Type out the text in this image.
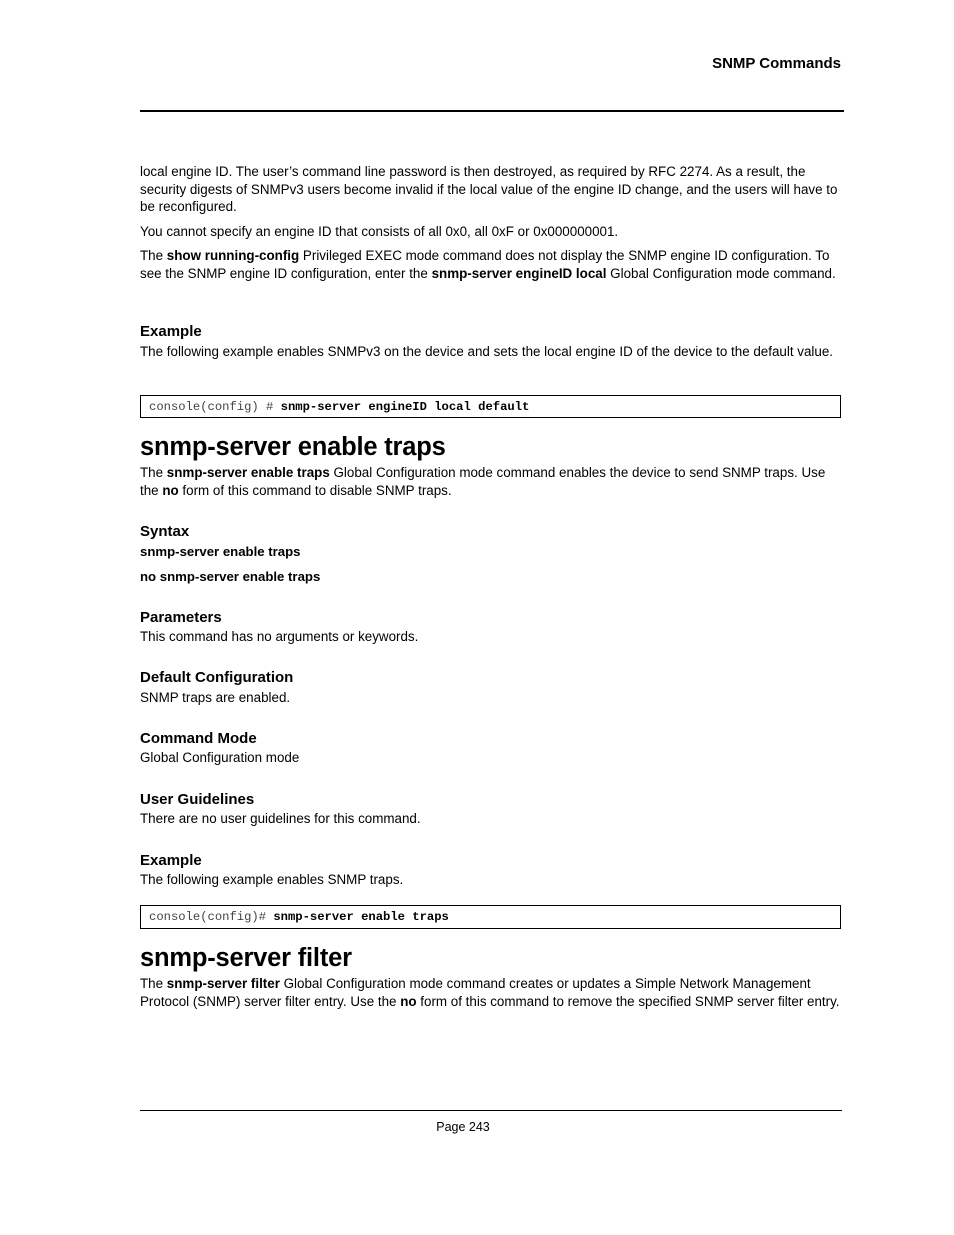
SNMP Commands
local engine ID. The user’s command line password is then destroyed, as required by RFC 2274. As a result, the security digests of SNMPv3 users become invalid if the local value of the engine ID change, and the users will have to be reconfigured.
You cannot specify an engine ID that consists of all 0x0, all 0xF or 0x000000001.
The show running-config Privileged EXEC mode command does not display the SNMP engine ID configuration. To see the SNMP engine ID configuration, enter the snmp-server engineID local Global Configuration mode command.
Example
The following example enables SNMPv3 on the device and sets the local engine ID of the device to the default value.
console(config) # snmp-server engineID local default
snmp-server enable traps
The snmp-server enable traps Global Configuration mode command enables the device to send SNMP traps. Use the no form of this command to disable SNMP traps.
Syntax
snmp-server enable traps
no snmp-server enable traps
Parameters
This command has no arguments or keywords.
Default Configuration
SNMP traps are enabled.
Command Mode
Global Configuration mode
User Guidelines
There are no user guidelines for this command.
Example
The following example enables SNMP traps.
console(config)# snmp-server enable traps
snmp-server filter
The snmp-server filter Global Configuration mode command creates or updates a Simple Network Management Protocol (SNMP) server filter entry. Use the no form of this command to remove the specified SNMP server filter entry.
Page 243
